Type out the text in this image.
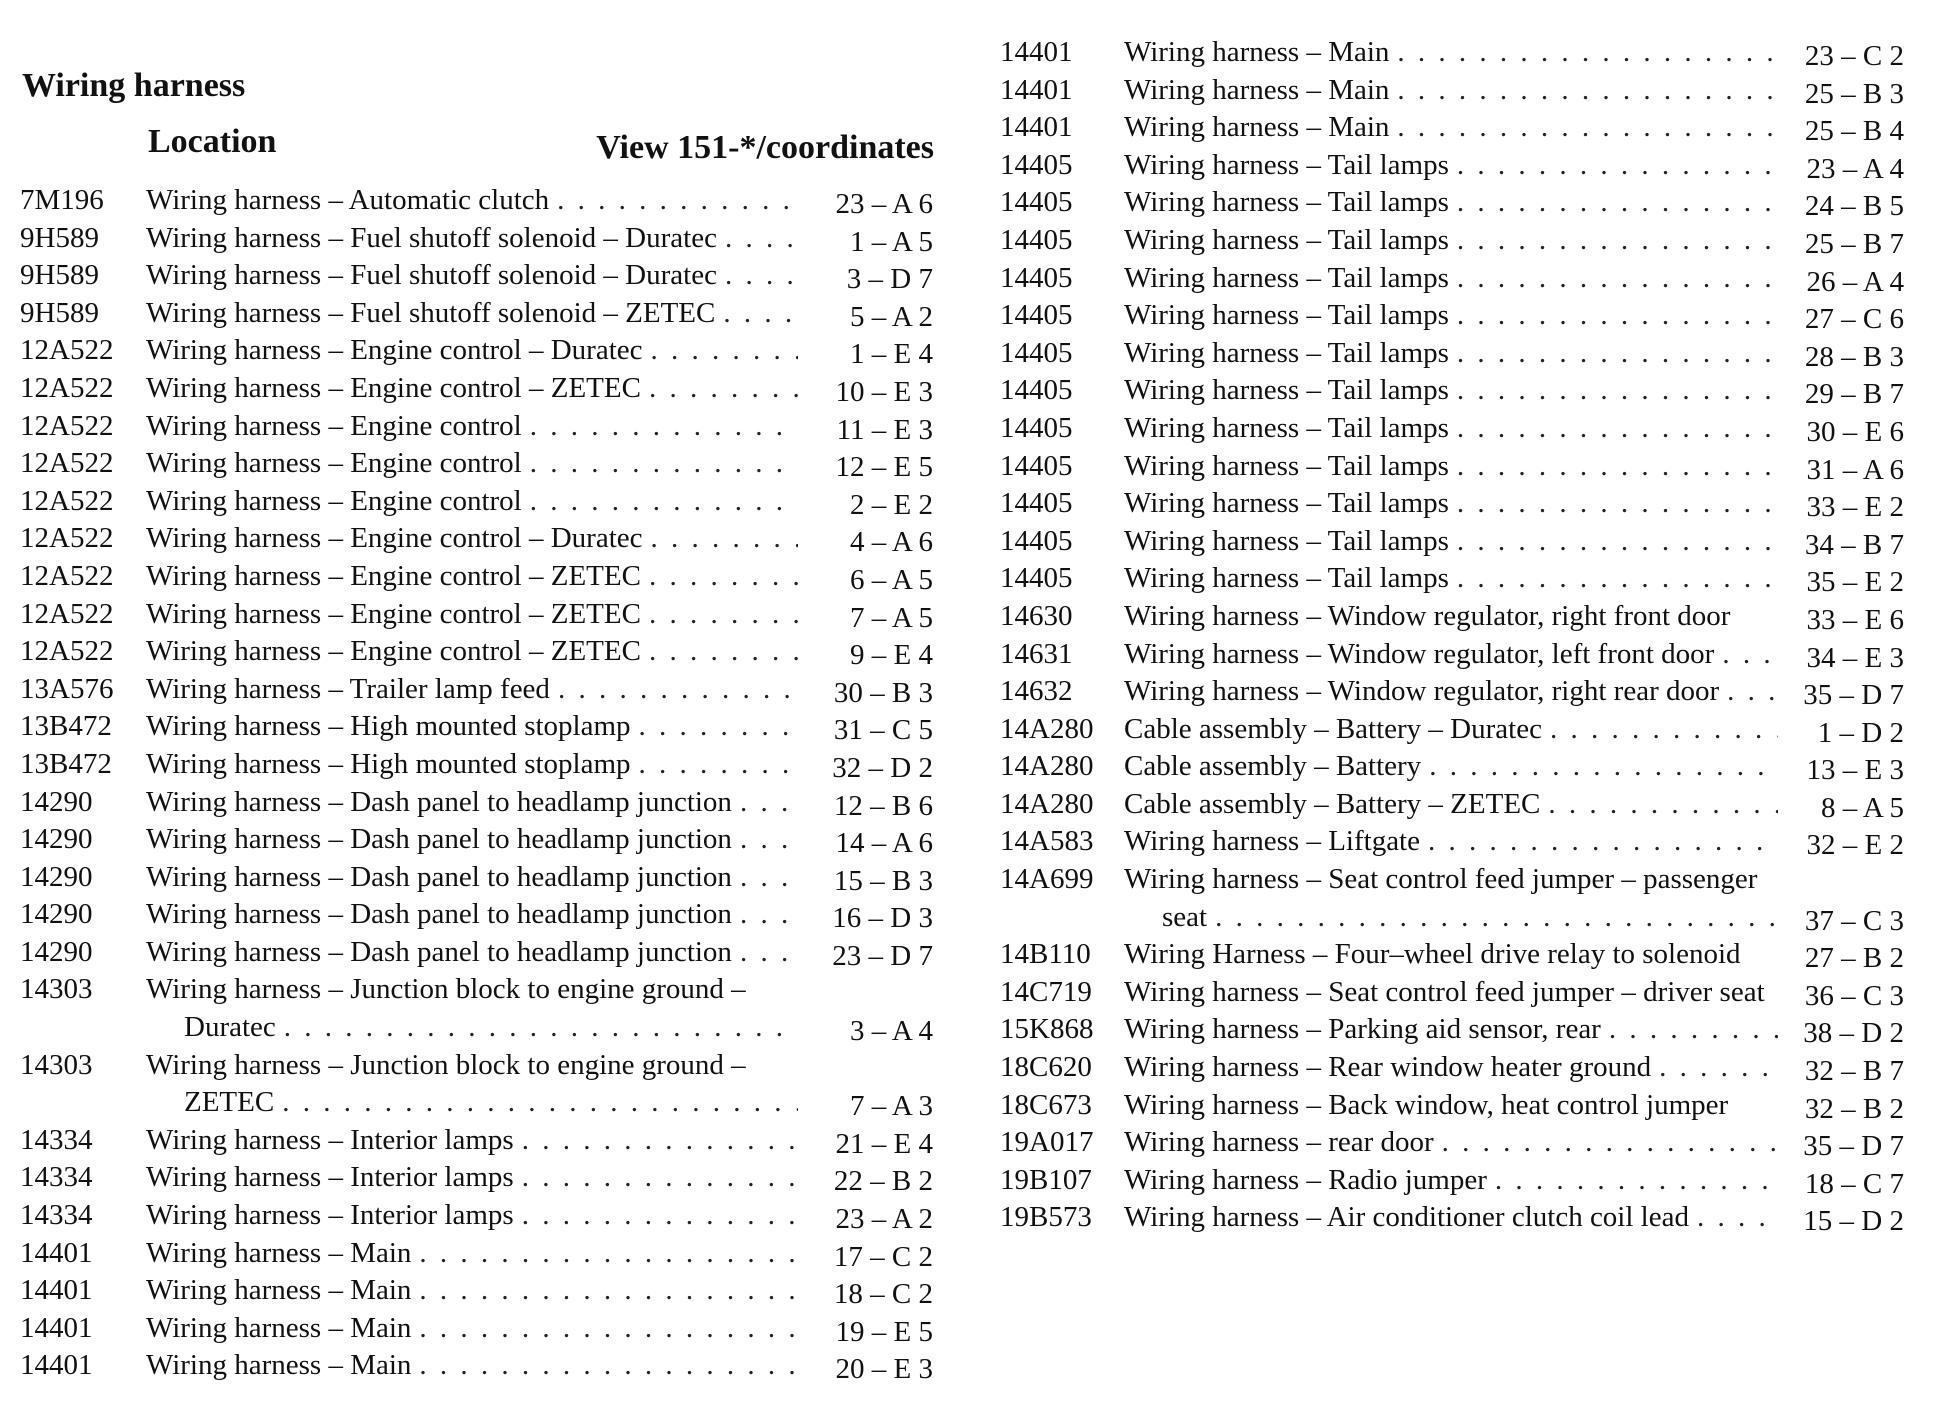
Wiring harness
Location	View 151-*/coordinates
7M196 Wiring harness – Automatic clutch . . .	23 – A 6
9H589 Wiring harness – Fuel shutoff solenoid – Duratec . . .	1 – A 5
9H589 Wiring harness – Fuel shutoff solenoid – Duratec . . .	3 – D 7
9H589 Wiring harness – Fuel shutoff solenoid – ZETEC . . .	5 – A 2
12A522 Wiring harness – Engine control – Duratec . . .	1 – E 4
12A522 Wiring harness – Engine control – ZETEC . . .	10 – E 3
12A522 Wiring harness – Engine control . . .	11 – E 3
12A522 Wiring harness – Engine control . . .	12 – E 5
12A522 Wiring harness – Engine control . . .	2 – E 2
12A522 Wiring harness – Engine control – Duratec . . .	4 – A 6
12A522 Wiring harness – Engine control – ZETEC . . .	6 – A 5
12A522 Wiring harness – Engine control – ZETEC . . .	7 – A 5
12A522 Wiring harness – Engine control – ZETEC . . .	9 – E 4
13A576 Wiring harness – Trailer lamp feed . . .	30 – B 3
13B472 Wiring harness – High mounted stoplamp . . .	31 – C 5
13B472 Wiring harness – High mounted stoplamp . . .	32 – D 2
14290 Wiring harness – Dash panel to headlamp junction . . .	12 – B 6
14290 Wiring harness – Dash panel to headlamp junction . . .	14 – A 6
14290 Wiring harness – Dash panel to headlamp junction . . .	15 – B 3
14290 Wiring harness – Dash panel to headlamp junction . . .	16 – D 3
14290 Wiring harness – Dash panel to headlamp junction . . .	23 – D 7
14303 Wiring harness – Junction block to engine ground –
Duratec . . .	3 – A 4
14303 Wiring harness – Junction block to engine ground –
ZETEC . . .	7 – A 3
14334 Wiring harness – Interior lamps . . .	21 – E 4
14334 Wiring harness – Interior lamps . . .	22 – B 2
14334 Wiring harness – Interior lamps . . .	23 – A 2
14401 Wiring harness – Main . . .	17 – C 2
14401 Wiring harness – Main . . .	18 – C 2
14401 Wiring harness – Main . . .	19 – E 5
14401 Wiring harness – Main . . .	20 – E 3
14401 Wiring harness – Main . . .	23 – C 2
14401 Wiring harness – Main . . .	25 – B 3
14401 Wiring harness – Main . . .	25 – B 4
14405 Wiring harness – Tail lamps . . .	23 – A 4
14405 Wiring harness – Tail lamps . . .	24 – B 5
14405 Wiring harness – Tail lamps . . .	25 – B 7
14405 Wiring harness – Tail lamps . . .	26 – A 4
14405 Wiring harness – Tail lamps . . .	27 – C 6
14405 Wiring harness – Tail lamps . . .	28 – B 3
14405 Wiring harness – Tail lamps . . .	29 – B 7
14405 Wiring harness – Tail lamps . . .	30 – E 6
14405 Wiring harness – Tail lamps . . .	31 – A 6
14405 Wiring harness – Tail lamps . . .	33 – E 2
14405 Wiring harness – Tail lamps . . .	34 – B 7
14405 Wiring harness – Tail lamps . . .	35 – E 2
14630 Wiring harness – Window regulator, right front door	33 – E 6
14631 Wiring harness – Window regulator, left front door . . .	34 – E 3
14632 Wiring harness – Window regulator, right rear door . . .	35 – D 7
14A280 Cable assembly – Battery – Duratec . . .	1 – D 2
14A280 Cable assembly – Battery . . .	13 – E 3
14A280 Cable assembly – Battery – ZETEC . . .	8 – A 5
14A583 Wiring harness – Liftgate . . .	32 – E 2
14A699 Wiring harness – Seat control feed jumper – passenger
seat . . .	37 – C 3
14B110 Wiring Harness – Four–wheel drive relay to solenoid	27 – B 2
14C719 Wiring harness – Seat control feed jumper – driver seat	36 – C 3
15K868 Wiring harness – Parking aid sensor, rear . . .	38 – D 2
18C620 Wiring harness – Rear window heater ground . . .	32 – B 7
18C673 Wiring harness – Back window, heat control jumper	32 – B 2
19A017 Wiring harness – rear door . . .	35 – D 7
19B107 Wiring harness – Radio jumper . . .	18 – C 7
19B573 Wiring harness – Air conditioner clutch coil lead . . .	15 – D 2
